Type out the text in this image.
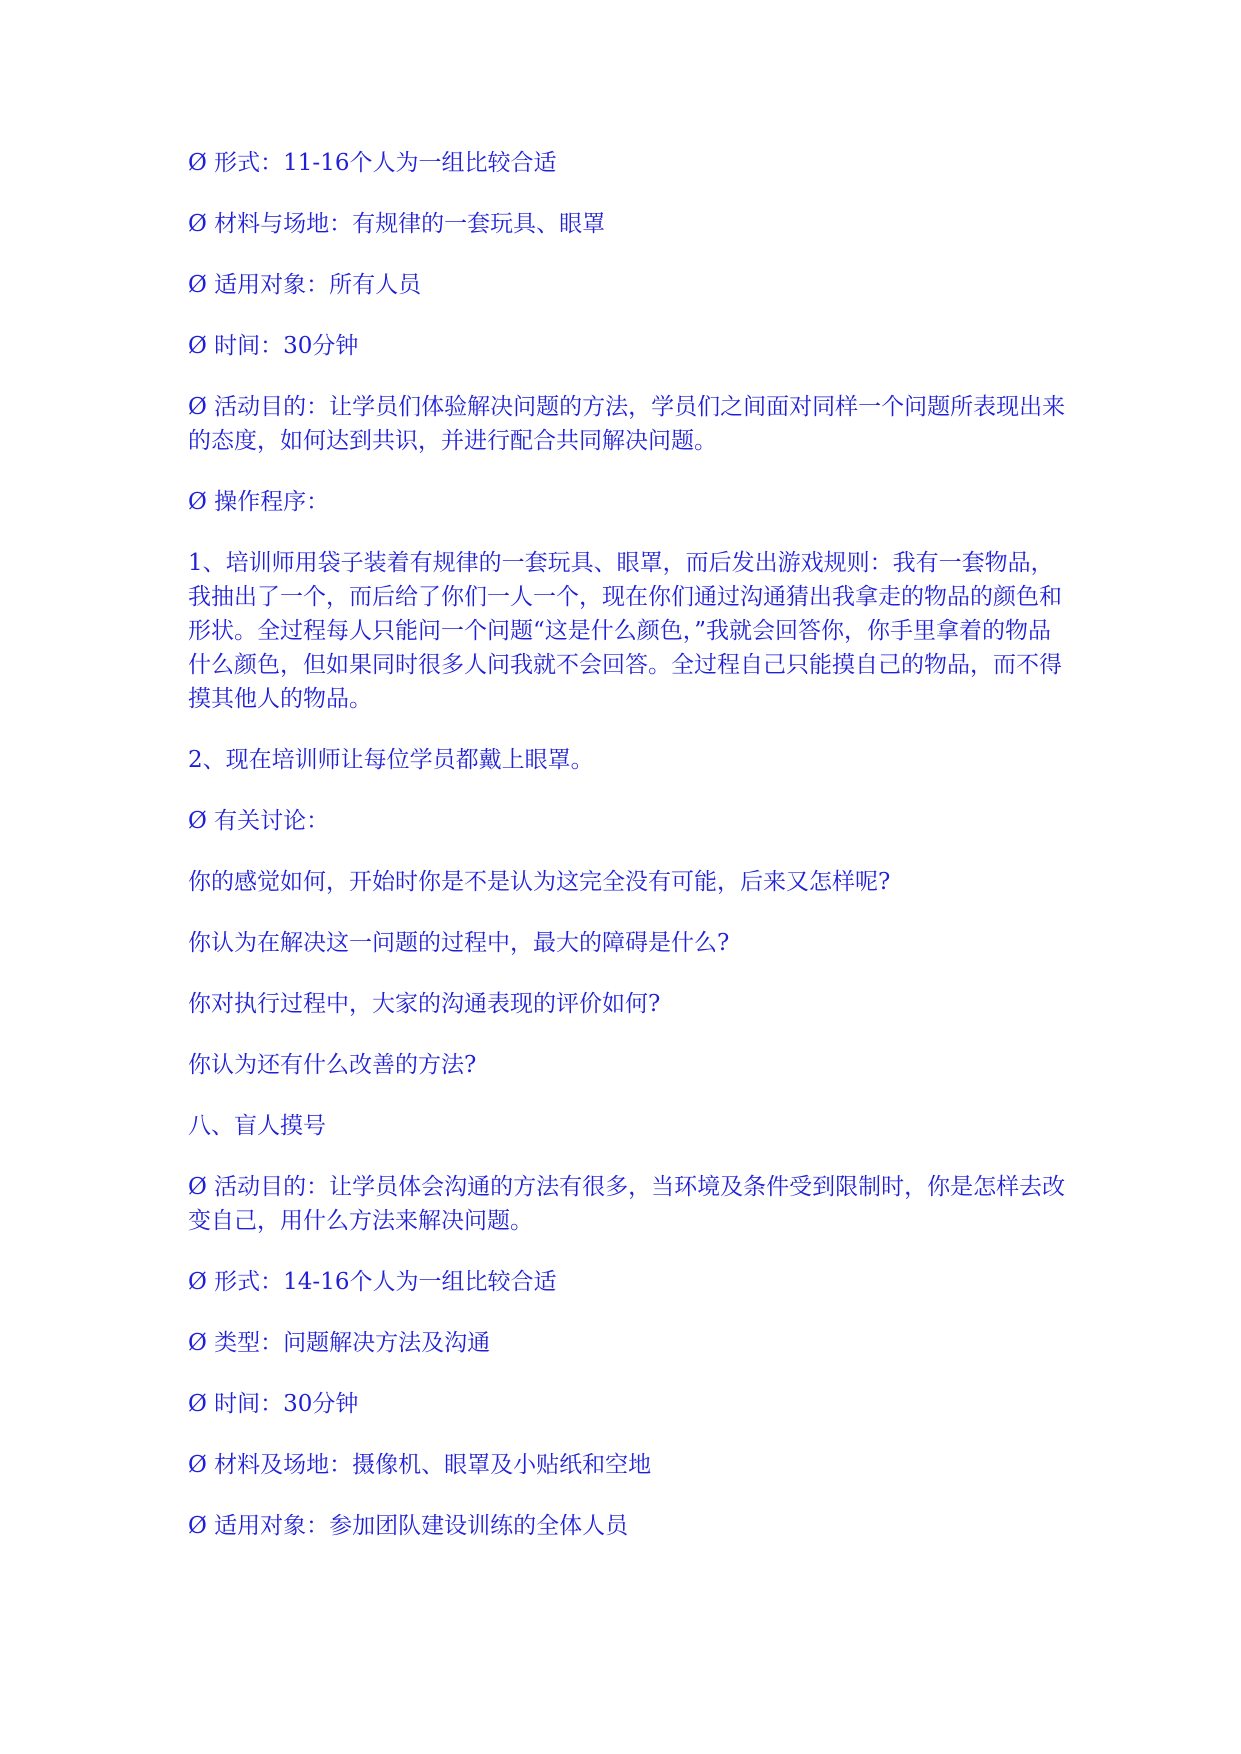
Ø 形式：11-16个人为一组比较合适

Ø 材料与场地：有规律的一套玩具、眼罩

Ø 适用对象：所有人员

Ø 时间：30分钟

Ø 活动目的：让学员们体验解决问题的方法，学员们之间面对同样一个问题所表现出来的态度，如何达到共识，并进行配合共同解决问题。

Ø 操作程序：

1、培训师用袋子装着有规律的一套玩具、眼罩，而后发出游戏规则：我有一套物品，我抽出了一个，而后给了你们一人一个，现在你们通过沟通猜出我拿走的物品的颜色和形状。全过程每人只能问一个问题“这是什么颜色，”我就会回答你，你手里拿着的物品什么颜色，但如果同时很多人问我就不会回答。全过程自己只能摸自己的物品，而不得摸其他人的物品。

2、现在培训师让每位学员都戴上眼罩。

Ø 有关讨论：

你的感觉如何，开始时你是不是认为这完全没有可能，后来又怎样呢?

你认为在解决这一问题的过程中，最大的障碍是什么?

你对执行过程中，大家的沟通表现的评价如何?

你认为还有什么改善的方法?

八、盲人摸号

Ø 活动目的：让学员体会沟通的方法有很多，当环境及条件受到限制时，你是怎样去改变自己，用什么方法来解决问题。

Ø 形式：14-16个人为一组比较合适

Ø 类型：问题解决方法及沟通

Ø 时间：30分钟

Ø 材料及场地：摄像机、眼罩及小贴纸和空地

Ø 适用对象：参加团队建设训练的全体人员
